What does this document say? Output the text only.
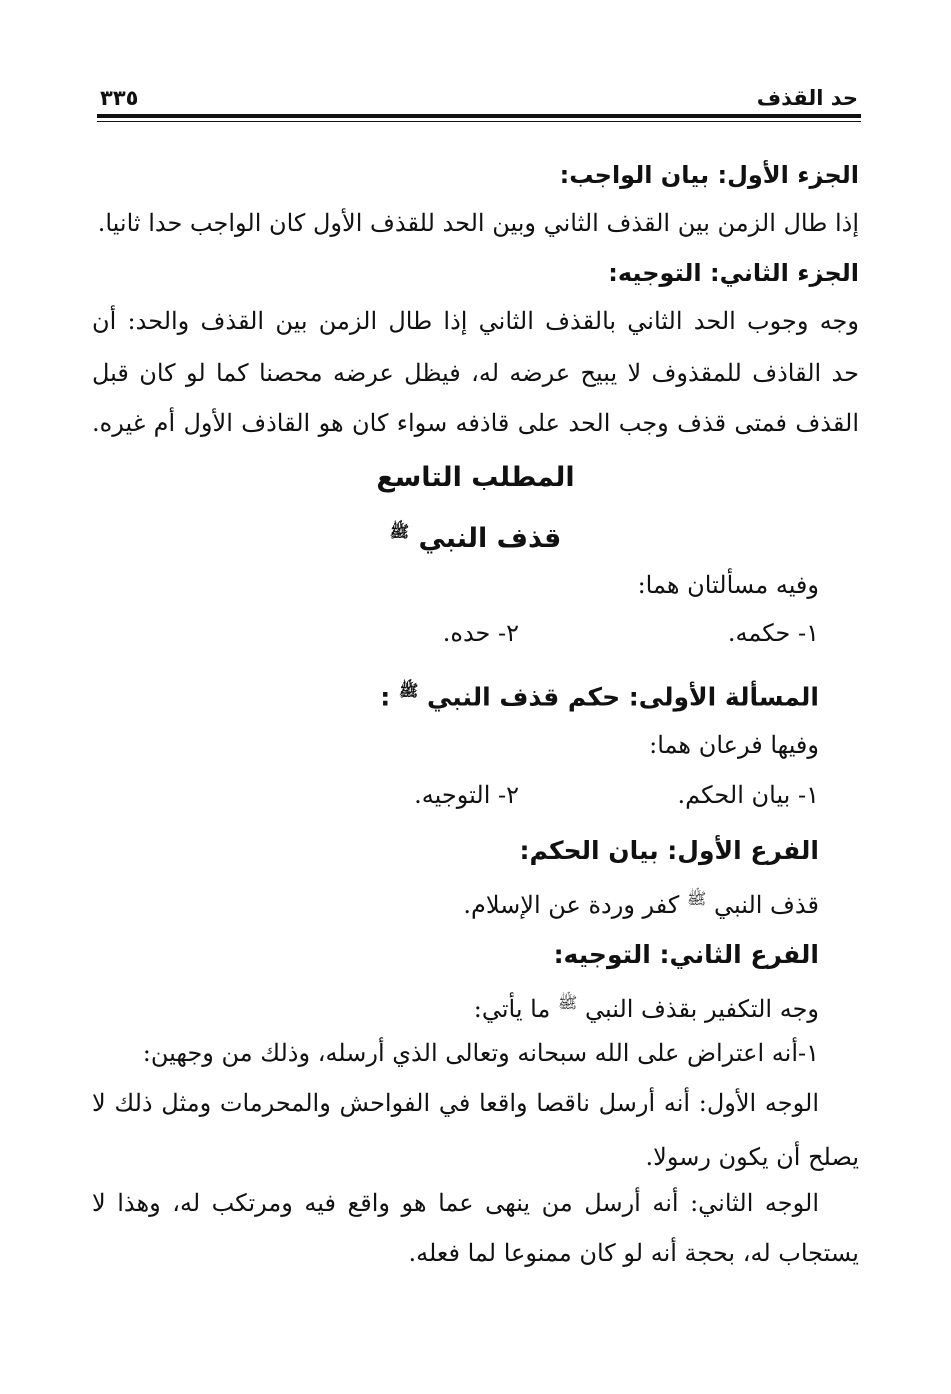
حد القذف
٣٣٥
الجزء الأول: بيان الواجب:
إذا طال الزمن بين القذف الثاني وبين الحد للقذف الأول كان الواجب حدا ثانيا.
الجزء الثاني: التوجيه:
وجه وجوب الحد الثاني بالقذف الثاني إذا طال الزمن بين القذف والحد: أن
حد القاذف للمقذوف لا يبيح عرضه له، فيظل عرضه محصنا كما لو كان قبل
القذف فمتى قذف وجب الحد على قاذفه سواء كان هو القاذف الأول أم غيره.
المطلب التاسع
قذف النبي $^ﷺ$
وفيه مسألتان هما:
١- حكمه.
٢- حده.
المسألة الأولى: حكم قذف النبي $^ﷺ$ :
وفيها فرعان هما:
١- بيان الحكم.
٢- التوجيه.
الفرع الأول: بيان الحكم:
قذف النبي $^ﷺ$ كفر وردة عن الإسلام.
الفرع الثاني: التوجيه:
وجه التكفير بقذف النبي $^ﷺ$ ما يأتي:
١-أنه اعتراض على الله سبحانه وتعالى الذي أرسله، وذلك من وجهين:
الوجه الأول: أنه أرسل ناقصا واقعا في الفواحش والمحرمات ومثل ذلك لا
يصلح أن يكون رسولا.
الوجه الثاني: أنه أرسل من ينهى عما هو واقع فيه ومرتكب له، وهذا لا
يستجاب له، بحجة أنه لو كان ممنوعا لما فعله.
